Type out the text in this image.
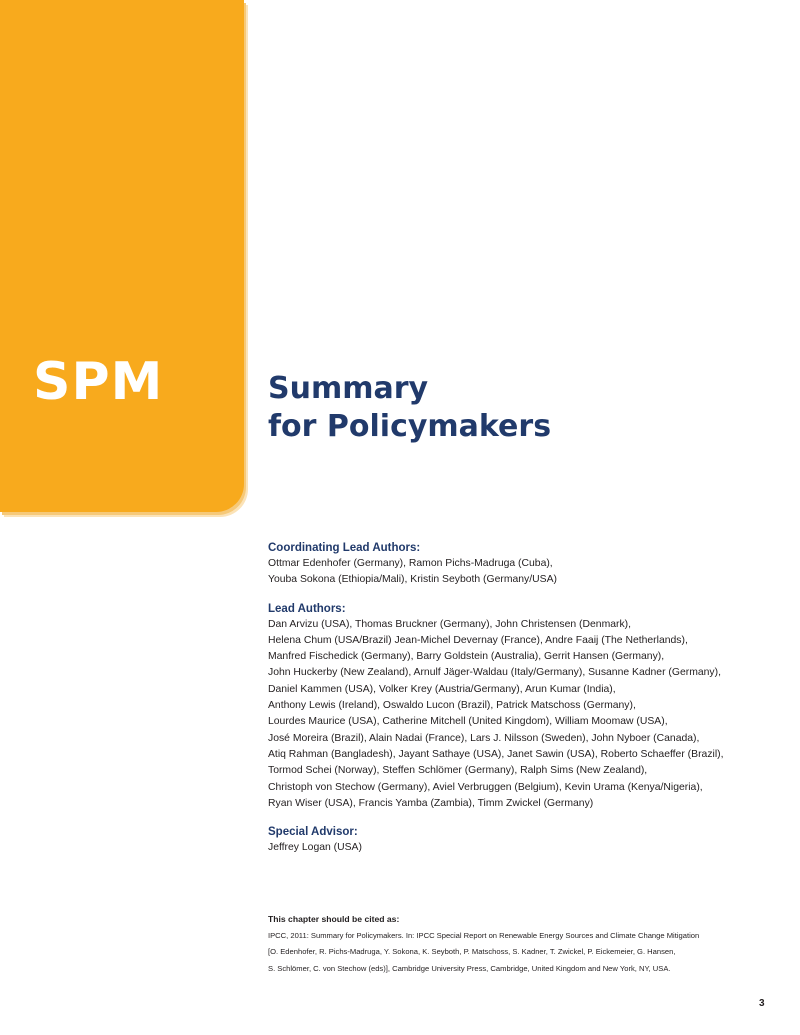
SPM	Summary
for Policymakers

Coordinating Lead Authors:

Ottmar Edenhofer (Germany), Ramon Pichs-Madruga (Cuba),
Youba Sokona (Ethiopia/Mali), Kristin Seyboth (Germany/USA)

Lead Authors:

Dan Arvizu (USA), Thomas Bruckner (Germany), John Christensen (Denmark),
Helena Chum (USA/Brazil) Jean-Michel Devernay (France), Andre Faaij (The Netherlands),
Manfred Fischedick (Germany), Barry Goldstein (Australia), Gerrit Hansen (Germany),
John Huckerby (New Zealand), Arnulf Jäger-Waldau (Italy/Germany), Susanne Kadner (Germany),
Daniel Kammen (USA), Volker Krey (Austria/Germany), Arun Kumar (India),
Anthony Lewis (Ireland), Oswaldo Lucon (Brazil), Patrick Matschoss (Germany),
Lourdes Maurice (USA), Catherine Mitchell (United Kingdom), William Moomaw (USA),
José Moreira (Brazil), Alain Nadai (France), Lars J. Nilsson (Sweden), John Nyboer (Canada),
Atiq Rahman (Bangladesh), Jayant Sathaye (USA), Janet Sawin (USA), Roberto Schaeffer (Brazil),
Tormod Schei (Norway), Steffen Schlömer (Germany), Ralph Sims (New Zealand),
Christoph von Stechow (Germany), Aviel Verbruggen (Belgium), Kevin Urama (Kenya/Nigeria),
Ryan Wiser (USA), Francis Yamba (Zambia), Timm Zwickel (Germany)

Special Advisor:

Jeffrey Logan (USA)

This chapter should be cited as:

IPCC, 2011: Summary for Policymakers. In: IPCC Special Report on Renewable Energy Sources and Climate Change Mitigation
[O. Edenhofer, R. Pichs-Madruga, Y. Sokona, K. Seyboth, P. Matschoss, S. Kadner, T. Zwickel, P. Eickemeier, G. Hansen,
S. Schlömer, C. von Stechow (eds)], Cambridge University Press, Cambridge, United Kingdom and New York, NY, USA.
3
